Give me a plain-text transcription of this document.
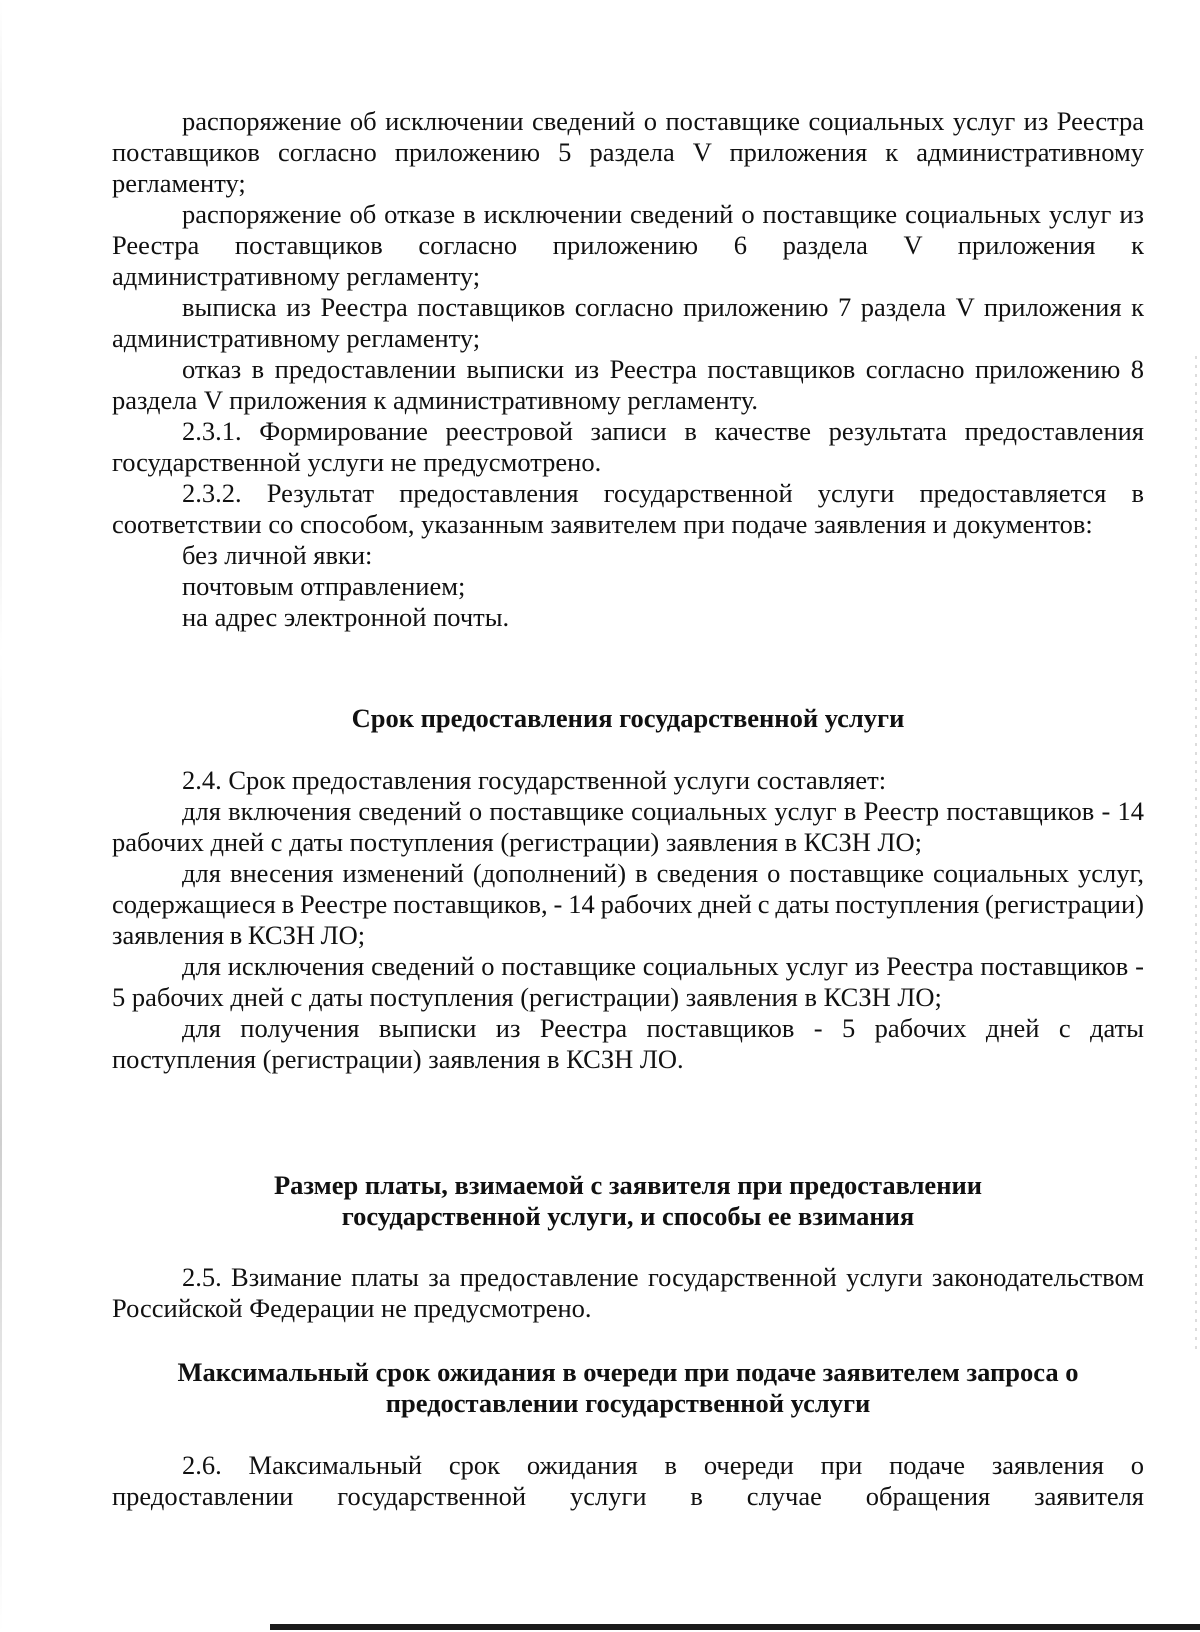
распоряжение об исключении сведений о поставщике социальных услуг из Реестра поставщиков согласно приложению 5 раздела V приложения к административному регламенту;

распоряжение об отказе в исключении сведений о поставщике социальных услуг из Реестра поставщиков согласно приложению 6 раздела V приложения к административному регламенту;

выписка из Реестра поставщиков согласно приложению 7 раздела V приложения к административному регламенту;

отказ в предоставлении выписки из Реестра поставщиков согласно приложению 8 раздела V приложения к административному регламенту.

2.3.1. Формирование реестровой записи в качестве результата предоставления государственной услуги не предусмотрено.

2.3.2. Результат предоставления государственной услуги предоставляется в соответствии со способом, указанным заявителем при подаче заявления и документов:

без личной явки:

почтовым отправлением;

на адрес электронной почты.

Срок предоставления государственной услуги

2.4. Срок предоставления государственной услуги составляет:

для включения сведений о поставщике социальных услуг в Реестр поставщиков - 14 рабочих дней с даты поступления (регистрации) заявления в КСЗН ЛО;

для внесения изменений (дополнений) в сведения о поставщике социальных услуг, содержащиеся в Реестре поставщиков, - 14 рабочих дней с даты поступления (регистрации) заявления в КСЗН ЛО;

для исключения сведений о поставщике социальных услуг из Реестра поставщиков - 5 рабочих дней с даты поступления (регистрации) заявления в КСЗН ЛО;

для получения выписки из Реестра поставщиков - 5 рабочих дней с даты поступления (регистрации) заявления в КСЗН ЛО.

Размер платы, взимаемой с заявителя при предоставлении

государственной услуги, и способы ее взимания

2.5. Взимание платы за предоставление государственной услуги законодательством Российской Федерации не предусмотрено.

Максимальный срок ожидания в очереди при подаче заявителем запроса о

предоставлении государственной услуги

2.6. Максимальный срок ожидания в очереди при подаче заявления о предоставлении государственной услуги в случае обращения заявителя
